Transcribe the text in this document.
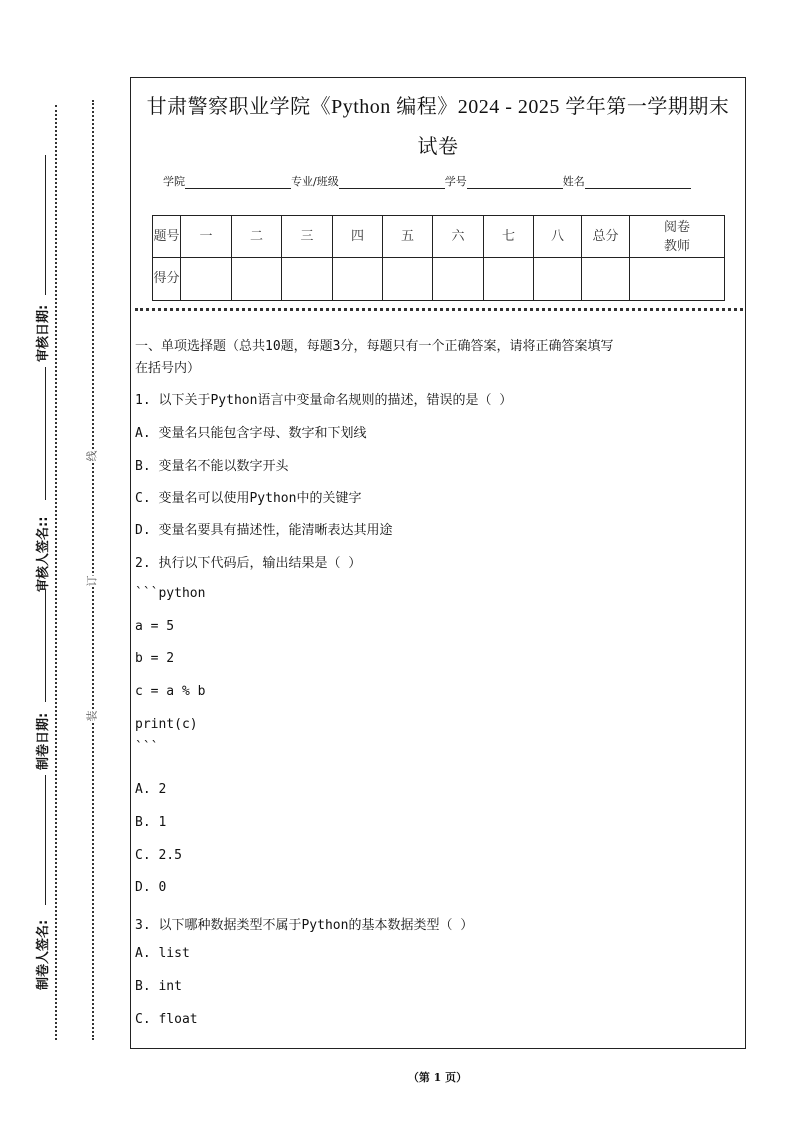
线
订
装
审核日期:
审核人签名::
制卷日期:
制卷人签名:
甘肃警察职业学院《Python 编程》2024 - 2025 学年第一学期期末
试卷
学院	专业/班级	学号	姓名
题号	一	二	三	四	五	六	七	八	总分	阅卷教师
得分										
一、单项选择题（总共10题，每题3分，每题只有一个正确答案，请将正确答案填写
在括号内）
1. 以下关于Python语言中变量命名规则的描述，错误的是（ ）
A. 变量名只能包含字母、数字和下划线
B. 变量名不能以数字开头
C. 变量名可以使用Python中的关键字
D. 变量名要具有描述性，能清晰表达其用途
2. 执行以下代码后，输出结果是（ ）
```python
a = 5
b = 2
c = a % b
print(c)
```
A. 2
B. 1
C. 2.5
D. 0
3. 以下哪种数据类型不属于Python的基本数据类型（ ）
A. list
B. int
C. float
（第 1 页）
